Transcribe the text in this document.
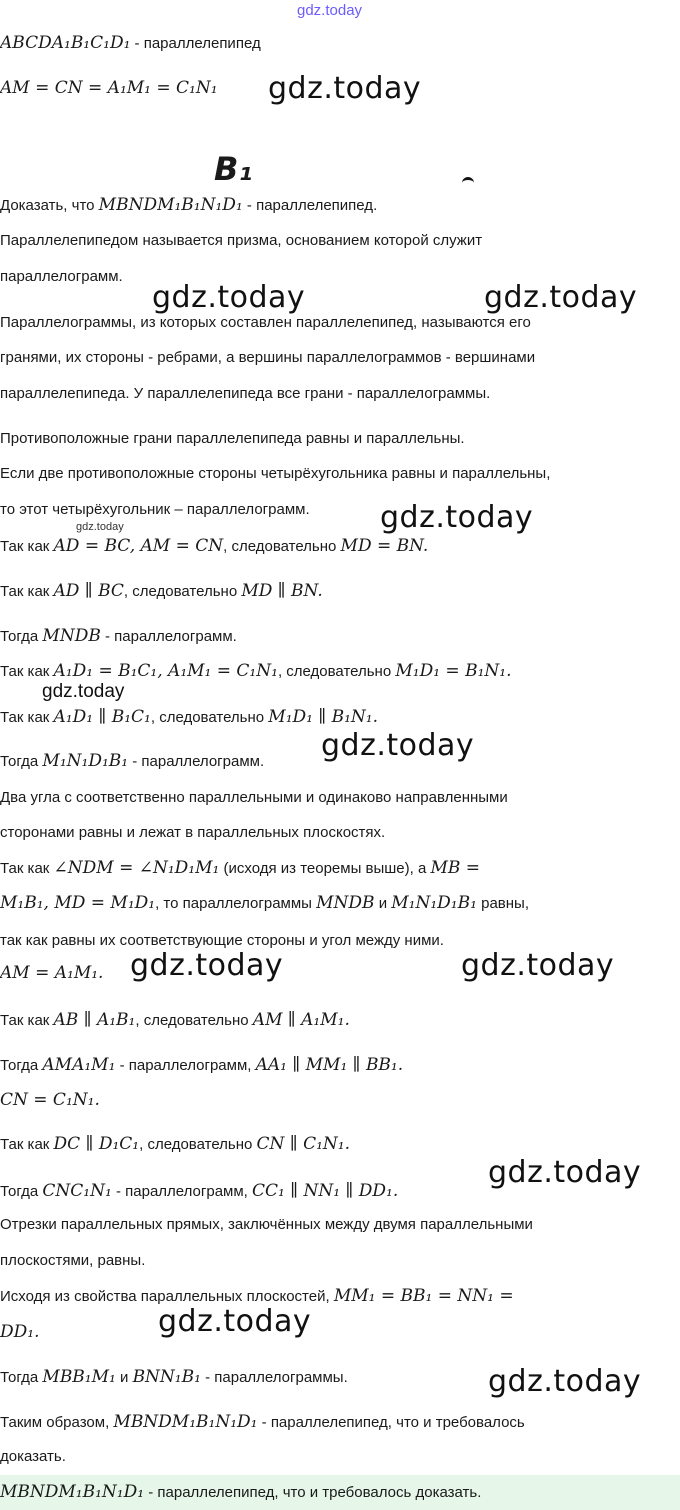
gdz.today
ABCDA₁B₁C₁D₁ - параллелепипед
AM = CN = A₁M₁ = C₁N₁	gdz.today
B₁
Доказать, что MBNDM₁B₁N₁D₁ - параллелепипед.
Параллелепипедом называется призма, основанием которой служит
параллелограмм.
gdz.today	gdz.today
Параллелограммы, из которых составлен параллелепипед, называются его
гранями, их стороны - ребрами, а вершины параллелограммов - вершинами
параллелепипеда. У параллелепипеда все грани - параллелограммы.
Противоположные грани параллелепипеда равны и параллельны.
Если две противоположные стороны четырёхугольника равны и параллельны,
то этот четырёхугольник – параллелограмм.	gdz.today
gdz.today
Так как AD = BC, AM = CN, следовательно MD = BN.
Так как AD ∥ BC, следовательно MD ∥ BN.
Тогда MNDB - параллелограмм.
Так как A₁D₁ = B₁C₁, A₁M₁ = C₁N₁, следовательно M₁D₁ = B₁N₁.
gdz.today
Так как A₁D₁ ∥ B₁C₁, следовательно M₁D₁ ∥ B₁N₁.
Тогда M₁N₁D₁B₁ - параллелограмм.	gdz.today
Два угла с соответственно параллельными и одинаково направленными
сторонами равны и лежат в параллельных плоскостях.
Так как ∠NDM = ∠N₁D₁M₁ (исходя из теоремы выше), а MB =
M₁B₁, MD = M₁D₁, то параллелограммы MNDB и M₁N₁D₁B₁ равны,
так как равны их соответствующие стороны и угол между ними.
AM = A₁M₁. gdz.today	gdz.today
Так как AB ∥ A₁B₁, следовательно AM ∥ A₁M₁.
Тогда AMA₁M₁ - параллелограмм, AA₁ ∥ MM₁ ∥ BB₁.
CN = C₁N₁.
Так как DC ∥ D₁C₁, следовательно CN ∥ C₁N₁.
Тогда CNC₁N₁ - параллелограмм, CC₁ ∥ NN₁ ∥ DD₁.
gdz.today
Отрезки параллельных прямых, заключённых между двумя параллельными
плоскостями, равны.
Исходя из свойства параллельных плоскостей, MM₁ = BB₁ = NN₁ =
DD₁.	gdz.today
Тогда MBB₁M₁ и BNN₁B₁ - параллелограммы.	gdz.today
Таким образом, MBNDM₁B₁N₁D₁ - параллелепипед, что и требовалось
доказать.
MBNDM₁B₁N₁D₁ - параллелепипед, что и требовалось доказать.
